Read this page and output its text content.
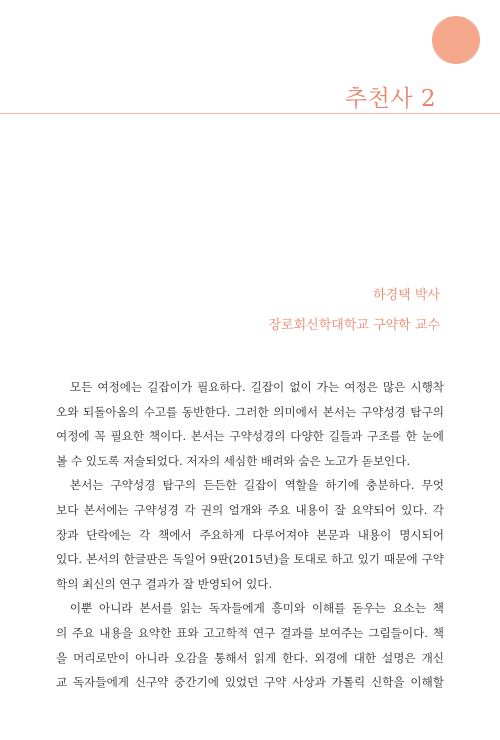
추천사 2
하경택 박사
장로회신학대학교 구약학 교수
모든 여정에는 길잡이가 필요하다. 길잡이 없이 가는 여정은 많은 시행착
오와 되돌아옴의 수고를 동반한다. 그러한 의미에서 본서는 구약성경 탐구의
여정에 꼭 필요한 책이다. 본서는 구약성경의 다양한 길들과 구조를 한 눈에
볼 수 있도록 저술되었다. 저자의 세심한 배려와 숨은 노고가 돋보인다.
본서는 구약성경 탐구의 든든한 길잡이 역할을 하기에 충분하다. 무엇
보다 본서에는 구약성경 각 권의 얼개와 주요 내용이 잘 요약되어 있다. 각
장과 단락에는 각 책에서 주요하게 다루어져야 본문과 내용이 명시되어
있다. 본서의 한글판은 독일어 9판(2015년)을 토대로 하고 있기 때문에 구약
학의 최신의 연구 결과가 잘 반영되어 있다.
이뿐 아니라 본서를 읽는 독자들에게 흥미와 이해를 돋우는 요소는 책
의 주요 내용을 요약한 표와 고고학적 연구 결과를 보여주는 그림들이다. 책
을 머리로만이 아니라 오감을 통해서 읽게 한다. 외경에 대한 설명은 개신
교 독자들에게 신구약 중간기에 있었던 구약 사상과 가톨릭 신학을 이해할
